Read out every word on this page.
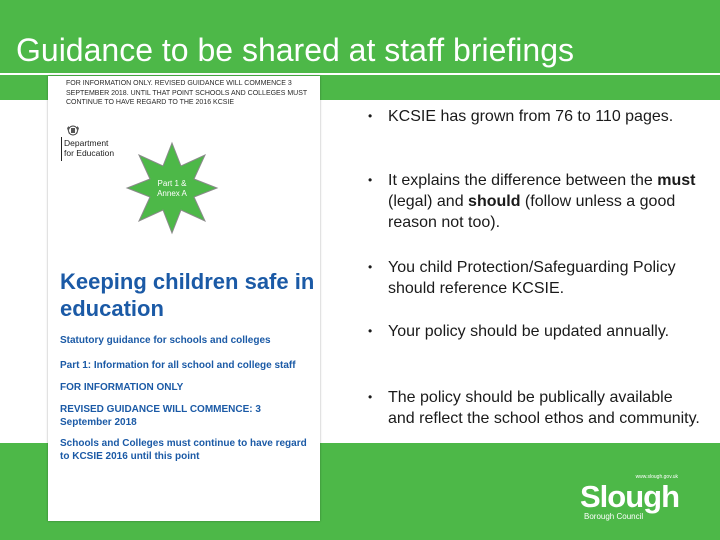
Guidance to be shared at staff briefings

FOR INFORMATION ONLY. REVISED GUIDANCE WILL COMMENCE 3 SEPTEMBER 2018. UNTIL THAT POINT SCHOOLS AND COLLEGES MUST CONTINUE TO HAVE REGARD TO THE 2016 KCSIE

Department
for Education
Part 1 &
Annex A
Keeping children safe in education

Statutory guidance for schools and colleges

Part 1: Information for all school and college staff

FOR INFORMATION ONLY

REVISED GUIDANCE WILL COMMENCE: 3 September 2018

Schools and Colleges must continue to have regard to KCSIE 2016 until this point

• KCSIE has grown from 76 to 110 pages.
• It explains the difference between the must (legal) and should (follow unless a good reason not too).
• You child Protection/Safeguarding Policy should reference KCSIE.
• Your policy should be updated annually.
• The policy should be publically available and reflect the school ethos and community.
www.slough.gov.uk
Slough
Borough Council
